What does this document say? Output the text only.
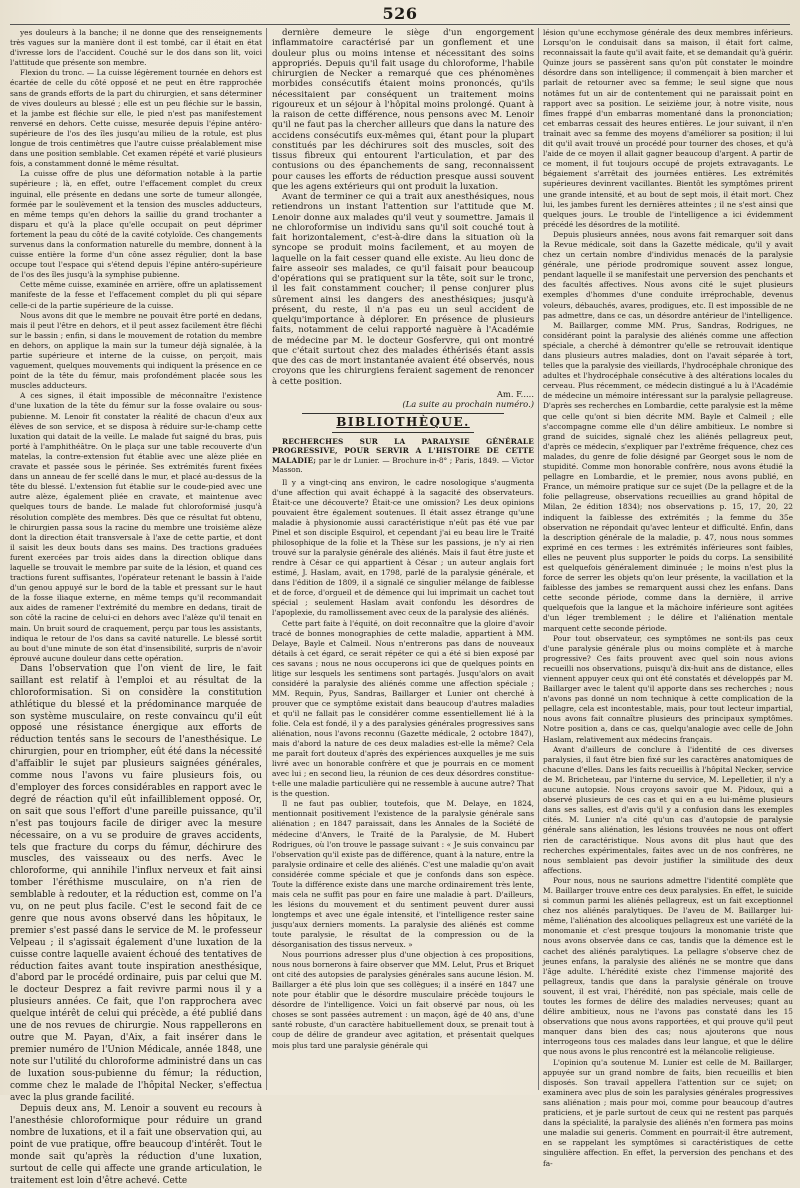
526

yes douleurs à la banche; il ne donne que des renseignements très vagues sur la manière dont il est tombé, car il était en état d'ivresse lors de l'accident. Couché sur le dos dans son lit, voici l'attitude que présente son membre.

Flexion du tronc. — La cuisse légèrement tournée en dehors est écartée de celle du côté opposé et ne peut en être rapprochée sans de grands efforts de la part du chirurgien, et sans déterminer de vives douleurs au blessé ; elle est un peu fléchie sur le bassin, et la jambe est fléchie sur elle, le pied n'est pas manifestement renversé en dehors. Cette cuisse, mesurée depuis l'épine antéro-supérieure de l'os des îles jusqu'au milieu de la rotule, est plus longue de trois centimètres que l'autre cuisse préalablement mise dans une position semblable. Cet examen répété et varié plusieurs fois, a constamment donné le même résultat.

La cuisse offre de plus une déformation notable à la partie supérieure ; là, en effet, outre l'effacement complet du creux inguinal, elle présente en dedans une sorte de tumeur allongée, formée par le soulèvement et la tension des muscles adducteurs, en même temps qu'en dehors la saillie du grand trochanter a disparu et qu'à la place qu'elle occupait on peut déprimer fortement la peau du côté de la cavité cotyloïde. Ces changements survenus dans la conformation naturelle du membre, donnent à la cuisse entière la forme d'un cône assez régulier, dont la base occupe tout l'espace qui s'étend depuis l'épine antéro-supérieure de l'os des îles jusqu'à la symphise pubienne.

Cette même cuisse, examinée en arrière, offre un aplatissement manifeste de la fesse et l'effacement complet du pli qui sépare celle-ci de la partie supérieure de la cuisse.

Nous avons dit que le membre ne pouvait être porté en dedans, mais il peut l'être en dehors, et il peut assez facilement être fléchi sur le bassin ; enfin, si dans le mouvement de rotation du membre en dehors, on applique la main sur la tumeur déjà signalée, à la partie supérieure et interne de la cuisse, on perçoit, mais vaguement, quelques mouvements qui indiquent la présence en ce point de la tête du fémur, mais profondément placée sous les muscles adducteurs.

A ces signes, il était impossible de méconnaître l'existence d'une luxation de la tête du fémur sur la fosse ovalaire ou sous-pubienne. M. Lenoir fit constater la réalité de chacun d'eux aux élèves de son service, et se disposa à réduire sur-le-champ cette luxation qui datait de la veille. Le malade fut saigné du bras, puis porté à l'amphithéâtre. On le plaça sur une table recouverte d'un matelas, la contre-extension fut établie avec une alèze pliée en cravate et passée sous le périnée. Ses extrémités furent fixées dans un anneau de fer scellé dans le mur, et placé au-dessus de la tête du blessé. L'extension fut établie sur le coude-pied avec une autre alèze, également pliée en cravate, et maintenue avec quelques tours de bande. Le malade fut chloroformisé jusqu'à résolution complète des membres. Dès que ce résultat fut obtenu, le chirurgien passa sous la racine du membre une troisième alèze dont la direction était transversale à l'axe de cette partie, et dont il saisit les deux bouts dans ses mains. Des tractions graduées furent exercées par trois aides dans la direction oblique dans laquelle se trouvait le membre par suite de la lésion, et quand ces tractions furent suffisantes, l'opérateur retenant le bassin à l'aide d'un genou appuyé sur le bord de la table et pressant sur le haut de la fosse iliaque externe, en même temps qu'il recommandait aux aides de ramener l'extrémité du membre en dedans, tirait de son côté la racine de celui-ci en dehors avec l'alèze qu'il tenait en main. Un bruit sourd de craquement, perçu par tous les assistants, indiqua le retour de l'os dans sa cavité naturelle. Le blessé sortit au bout d'une minute de son état d'insensibilité, surpris de n'avoir éprouvé aucune douleur dans cette opération.

Dans l'observation que l'on vient de lire, le fait saillant est relatif à l'emploi et au résultat de la chloroformisation. Si on considère la constitution athlétique du blessé et la prédominance marquée de son système musculaire, on reste convaincu qu'il eût opposé une résistance énergique aux efforts de réduction tentés sans le secours de l'anesthésique. Le chirurgien, pour en triompher, eût été dans la nécessité d'affaiblir le sujet par plusieurs saignées générales, comme nous l'avons vu faire plusieurs fois, ou d'employer des forces considérables en rapport avec le degré de réaction qu'il eût infailliblement opposé. Or, on sait que sous l'effort d'une pareille puissance, qu'il n'est pas toujours facile de diriger avec la mesure nécessaire, on a vu se produire de graves accidents, tels que fracture du corps du fémur, déchirure des muscles, des vaisseaux ou des nerfs. Avec le chloroforme, qui annihile l'influx nerveux et fait ainsi tomber l'éréthisme musculaire, on n'a rien de semblable à redouter, et la réduction est, comme on l'a vu, on ne peut plus facile. C'est le second fait de ce genre que nous avons observé dans les hôpitaux, le premier s'est passé dans le service de M. le professeur Velpeau ; il s'agissait également d'une luxation de la cuisse contre laquelle avaient échoué des tentatives de réduction faites avant toute inspiration anesthésique, d'abord par le procédé ordinaire, puis par celui que M. le docteur Desprez a fait revivre parmi nous il y a plusieurs années. Ce fait, que l'on rapprochera avec quelque intérêt de celui qui précède, a été publié dans une de nos revues de chirurgie. Nous rappellerons en outre que M. Payan, d'Aix, a fait insérer dans le premier numéro de l'Union Médicale, année 1848, une note sur l'utilité du chloroforme administré dans un cas de luxation sous-pubienne du fémur; la réduction, comme chez le malade de l'hôpital Necker, s'effectua avec la plus grande facilité.

Depuis deux ans, M. Lenoir a souvent eu recours à l'anesthésie chloroformique pour réduire un grand nombre de luxations, et il a fait une observation qui, au point de vue pratique, offre beaucoup d'intérêt. Tout le monde sait qu'après la réduction d'une luxation, surtout de celle qui affecte une grande articulation, le traitement est loin d'être achevé. Cette

dernière demeure le siège d'un engorgement inflammatoire caractérisé par un gonflement et une douleur plus ou moins intense et nécessitant des soins appropriés. Depuis qu'il fait usage du chloroforme, l'habile chirurgien de Necker a remarqué que ces phénomènes morbides consécutifs étaient moins prononcés, qu'ils nécessitaient par conséquent un traitement moins rigoureux et un séjour à l'hôpital moins prolongé. Quant à la raison de cette différence, nous pensons avec M. Lenoir qu'il ne faut pas la chercher ailleurs que dans la nature des accidens consécutifs eux-mêmes qui, étant pour la plupart constitués par les déchirures soit des muscles, soit des tissus fibreux qui entourent l'articulation, et par des contusions ou des épanchements de sang, reconnaissent pour causes les efforts de réduction presque aussi souvent que les agens extérieurs qui ont produit la luxation.

Avant de terminer ce qui a trait aux anesthésiques, nous retiendrons un instant l'attention sur l'attitude que M. Lenoir donne aux malades qu'il veut y soumettre. Jamais il ne chloroformise un individu sans qu'il soit couché tout à fait horizontalement, c'est-à-dire dans la situation où la syncope se produit moins facilement, et au moyen de laquelle on la fait cesser quand elle existe. Au lieu donc de faire asseoir ses malades, ce qu'il faisait pour beaucoup d'opérations qui se pratiquent sur la tête, soit sur le tronc, il les fait constamment coucher; il pense conjurer plus sûrement ainsi les dangers des anesthésiques; jusqu'à présent, du reste, il n'a pas eu un seul accident de quelqu'importance à déplorer. En présence de plusieurs faits, notamment de celui rapporté naguère à l'Académie de médecine par M. le docteur Gosfervre, qui ont montré que c'était surtout chez des malades éthérisés étant assis que des cas de mort instantanée avaient été observés, nous croyons que les chirurgiens feraient sagement de renoncer à cette position.

Am. F.....
(La suite au prochain numéro.)
BIBLIOTHÈQUE.
RECHERCHES SUR LA PARALYSIE GÉNÉRALE PROGRESSIVE, POUR SERVIR A L'HISTOIRE DE CETTE MALADIE; par le dr Lunier. — Brochure in-8° ; Paris, 1849. — Victor Masson.

Il y a vingt-cinq ans environ, le cadre nosologique s'augmenta d'une affection qui avait échappé à la sagacité des observateurs. Était-ce une découverte? Était-ce une omission? Les deux opinions pouvaient être également soutenues. Il était assez étrange qu'une maladie à physionomie aussi caractéristique n'eût pas été vue par Pinel et son disciple Esquirol, et cependant j'ai eu beau lire le Traité philosophique de la folie et la Thèse sur les passions, je n'y ai rien trouvé sur la paralysie générale des aliénés. Mais il faut être juste et rendre à César ce qui appartient à César ; un auteur anglais fort estimé, J. Haslam, avait, en 1798, parlé de la paralysie générale, et dans l'édition de 1809, il a signalé ce singulier mélange de faiblesse et de force, d'orgueil et de démence qui lui imprimait un cachet tout spécial ; seulement Haslam avait confondu les désordres de l'apoplexie, du ramollissement avec ceux de la paralysie des aliénés.

Cette part faite à l'équité, on doit reconnaître que la gloire d'avoir tracé de bonnes monographies de cette maladie, appartient à MM. Delaye, Bayle et Calmeil. Nous n'entrerons pas dans de nouveaux détails à cet égard, ce serait répéter ce qui a été si bien exposé par ces savans ; nous ne nous occuperons ici que de quelques points en litige sur lesquels les sentimens sont partagés. Jusqu'alors on avait considéré la paralysie des aliénés comme une affection spéciale ; MM. Requin, Pyus, Sandras, Baillarger et Lunier ont cherché à prouver que ce symptôme existait dans beaucoup d'autres maladies et qu'il ne fallait pas le considérer comme essentiellement lié à la folie. Cela est fondé, il y a des paralysies générales progressives sans aliénation, nous l'avons reconnu (Gazette médicale, 2 octobre 1847), mais d'abord la nature de ces deux maladies est-elle la même? Cela me paraît fort douteux d'après des expériences auxquelles je me suis livré avec un honorable confrère et que je pourrais en ce moment avec lui ; en second lieu, la réunion de ces deux désordres constitue-t-elle une maladie particulière qui ne ressemble à aucune autre? That is the question.

Il ne faut pas oublier, toutefois, que M. Delaye, en 1824, mentionnait positivement l'existence de la paralysie générale sans aliénation ; en 1847 paraissait, dans les Annales de la Société de médecine d'Anvers, le Traité de la Paralysie, de M. Hubert Rodrigues, où l'on trouve le passage suivant : « Je suis convaincu par l'observation qu'il existe pas de différence, quant à la nature, entre la paralysie ordinaire et celle des aliénés. C'est une maladie qu'on avait considérée comme spéciale et que je confonds dans son espèce. Toute la différence existe dans une marche ordinairement très lente, mais cela ne suffit pas pour en faire une maladie à part. D'ailleurs, les lésions du mouvement et du sentiment peuvent durer aussi longtemps et avec une égale intensité, et l'intelligence rester saine jusqu'aux derniers moments. La paralysie des aliénés est comme toute paralysie, le résultat de la compression ou de la désorganisation des tissus nerveux. »

Nous pourrions adresser plus d'une objection à ces propositions, nous nous bornerons à faire observer que MM. Lelut, Prus et Briquet ont cité des autopsies de paralysies générales sans aucune lésion. M. Baillarger a été plus loin que ses collègues; il a inséré en 1847 une note pour établir que le désordre musculaire précède toujours le désordre de l'intelligence. Voici un fait observé par nous, où les choses se sont passées autrement : un maçon, âgé de 40 ans, d'une santé robuste, d'un caractère habituellement doux, se prenait tout à coup de délire de grandeur avec agitation, et présentait quelques mois plus tard une paralysie générale qui

lésion qu'une ecchymose générale des deux membres inférieurs. Lorsqu'on le conduisait dans sa maison, il était fort calme, reconnaissait la faute qu'il avait faite, et se demandait qu'à guérir. Quinze jours se passèrent sans qu'on pût constater le moindre désordre dans son intelligence; il commençait à bien marcher et parlait de retourner avec sa femme; le seul signe que nous notâmes fut un air de contentement qui ne paraissait point en rapport avec sa position. Le seizième jour, à notre visite, nous fîmes frappé d'un embarras momentané dans la prononciation; cet embarras cessait des heures entières. Le jour suivant, il n'en traînait avec sa femme des moyens d'améliorer sa position; il lui dit qu'il avait trouvé un procédé pour tourner des choses, et qu'à l'aide de ce moyen il allait gagner beaucoup d'argent. A partir de ce moment, il fut toujours occupé de projets extravagants. Le bégaiement s'arrêtait des journées entières. Les extrémités supérieures devinrent vacillantes. Bientôt les symptômes prirent une grande intensité, et au bout de sept mois, il était mort. Chez lui, les jambes furent les dernières atteintes ; il ne s'est ainsi que quelques jours. Le trouble de l'intelligence a ici évidemment précédé les désordres de la motilité.

Depuis plusieurs années, nous avons fait remarquer soit dans la Revue médicale, soit dans la Gazette médicale, qu'il y avait chez un certain nombre d'individus menacés de la paralysie générale, une période prodromique souvent assez longue, pendant laquelle il se manifestait une perversion des penchants et des facultés affectives. Nous avons cité le sujet plusieurs exemples d'hommes d'une conduite irréprochable, devenus voleurs, débauchés, avares, prodigues, etc. Il est impossible de ne pas admettre, dans ce cas, un désordre antérieur de l'intelligence.

M. Baillarger, comme MM. Prus, Sandras, Rodrigues, ne considérant point la paralysie des aliénés comme une affection spéciale, a cherché à démontrer qu'elle se retrouvait identique dans plusieurs autres maladies, dont on l'avait séparée à tort, telles que la paralysie des vieillards, l'hydrocéphale chronique des adultes et l'hydrocéphale consécutive à des altérations locales du cerveau. Plus récemment, ce médecin distingué a lu à l'Académie de médecine un mémoire intéressant sur la paralysie pellagreuse. D'après ses recherches en Lombardie, cette paralysie est la même que celle qu'ont si bien décrite MM. Bayle et Calmeil ; elle s'accompagne comme elle d'un délire ambitieux. Le nombre si grand de suicides, signalé chez les aliénés pellagreux peut, d'après ce médecin, s'expliquer par l'extrême fréquence, chez ces malades, du genre de folie désigné par Georget sous le nom de stupidité. Comme mon honorable confrère, nous avons étudié la pellagre en Lombardie, et le premier, nous avons publié, en France, un mémoire pratique sur ce sujet (De la pellagre et de la folie pellagreuse, observations recueillies au grand hôpital de Milan, 2e édition 1834); nos observations p. 15, 17, 20, 22 indiquent la faiblesse des extrémités ; la femme du 35e observation ne répondait qu'avec lenteur et difficulté. Enfin, dans la description générale de la maladie, p. 47, nous nous sommes exprimé en ces termes : les extrémités inférieures sont faibles, elles ne peuvent plus supporter le poids du corps. La sensibilité est quelquefois généralement diminuée ; le moins n'est plus la force de serrer les objets qu'on leur présente, la vacillation et la faiblesse des jambes se remarquent aussi chez les enfans. Dans cette seconde période, comme dans la dernière, il arrive quelquefois que la langue et la mâchoire inférieure sont agitées d'un léger tremblement ; le délire et l'aliénation mentale marquent cette seconde période.

Pour tout observateur, ces symptômes ne sont-ils pas ceux d'une paralysie générale plus ou moins complète et à marche progressive? Ces faits prouvent avec quel soin nous avions recueilli nos observations, puisqu'à dix-huit ans de distance, elles viennent appuyer ceux qui ont été constatés et développés par M. Baillarger avec le talent qu'il apporte dans ses recherches ; nous n'avons pas donné un nom technique à cette complication de la pellagre, cela est incontestable, mais, pour tout lecteur impartial, nous avons fait connaître plusieurs des principaux symptômes. Notre position a, dans ce cas, quelqu'analogie avec celle de John Haslam, relativement aux médecins français.

Avant d'ailleurs de conclure à l'identité de ces diverses paralysies, il faut être bien fixé sur les caractères anatomiques de chacune d'elles. Dans les faits recueillis à l'hôpital Necker, service de M. Bricheteau, par l'interne du service, M. Lepelletier, il n'y a aucune autopsie. Nous croyons savoir que M. Pidoux, qui a observé plusieurs de ces cas et qui en a eu lui-même plusieurs dans ses salles, est d'avis qu'il y a confusion dans les exemples cités. M. Lunier n'a cité qu'un cas d'autopsie de paralysie générale sans aliénation, les lésions trouvées ne nous ont offert rien de caractéristique. Nous avons dit plus haut que des recherches expérimentales, faites avec un de nos confrères, ne nous semblaient pas devoir justifier la similitude des deux affections.

Pour nous, nous ne saurions admettre l'identité complète que M. Baillarger trouve entre ces deux paralysies. En effet, le suicide si commun parmi les aliénés pellagreux, est un fait exceptionnel chez nos aliénés paralytiques. De l'aveu de M. Baillarger lui-même, l'aliénation des alcooliques pellagreux est une variété de la monomanie et c'est presque toujours la monomanie triste que nous avons observée dans ce cas, tandis que la démence est le cachet des aliénés paralytiques. La pellagre s'observe chez de jeunes enfans, la paralysie des aliénés ne se montre que dans l'âge adulte. L'hérédité existe chez l'immense majorité des pellagreux, tandis que dans la paralysie générale on trouve souvent, il est vrai, l'hérédité, non pas spéciale, mais celle de toutes les formes de délire des maladies nerveuses; quant au délire ambitieux, nous ne l'avons pas constaté dans les 15 observations que nous avons rapportées, et qui prouve qu'il peut manquer dans bien des cas; nous ajouterons que nous interrogeons tous ces malades dans leur langue, et que le délire que nous avons le plus rencontré est la mélancolie religieuse.

L'opinion qu'a soutenue M. Lunier est celle de M. Baillarger, appuyée sur un grand nombre de faits, bien recueillis et bien disposés. Son travail appellera l'attention sur ce sujet; on examinera avec plus de soin les paralysies générales progressives sans aliénation ; mais pour moi, comme pour beaucoup d'autres praticiens, et je parle surtout de ceux qui ne restent pas parqués dans la spécialité, la paralysie des aliénés n'en formera pas moins une maladie sui generis. Comment en pourrait-il être autrement, en se rappelant les symptômes si caractéristiques de cette singulière affection. En effet, la perversion des penchans et des fa-
